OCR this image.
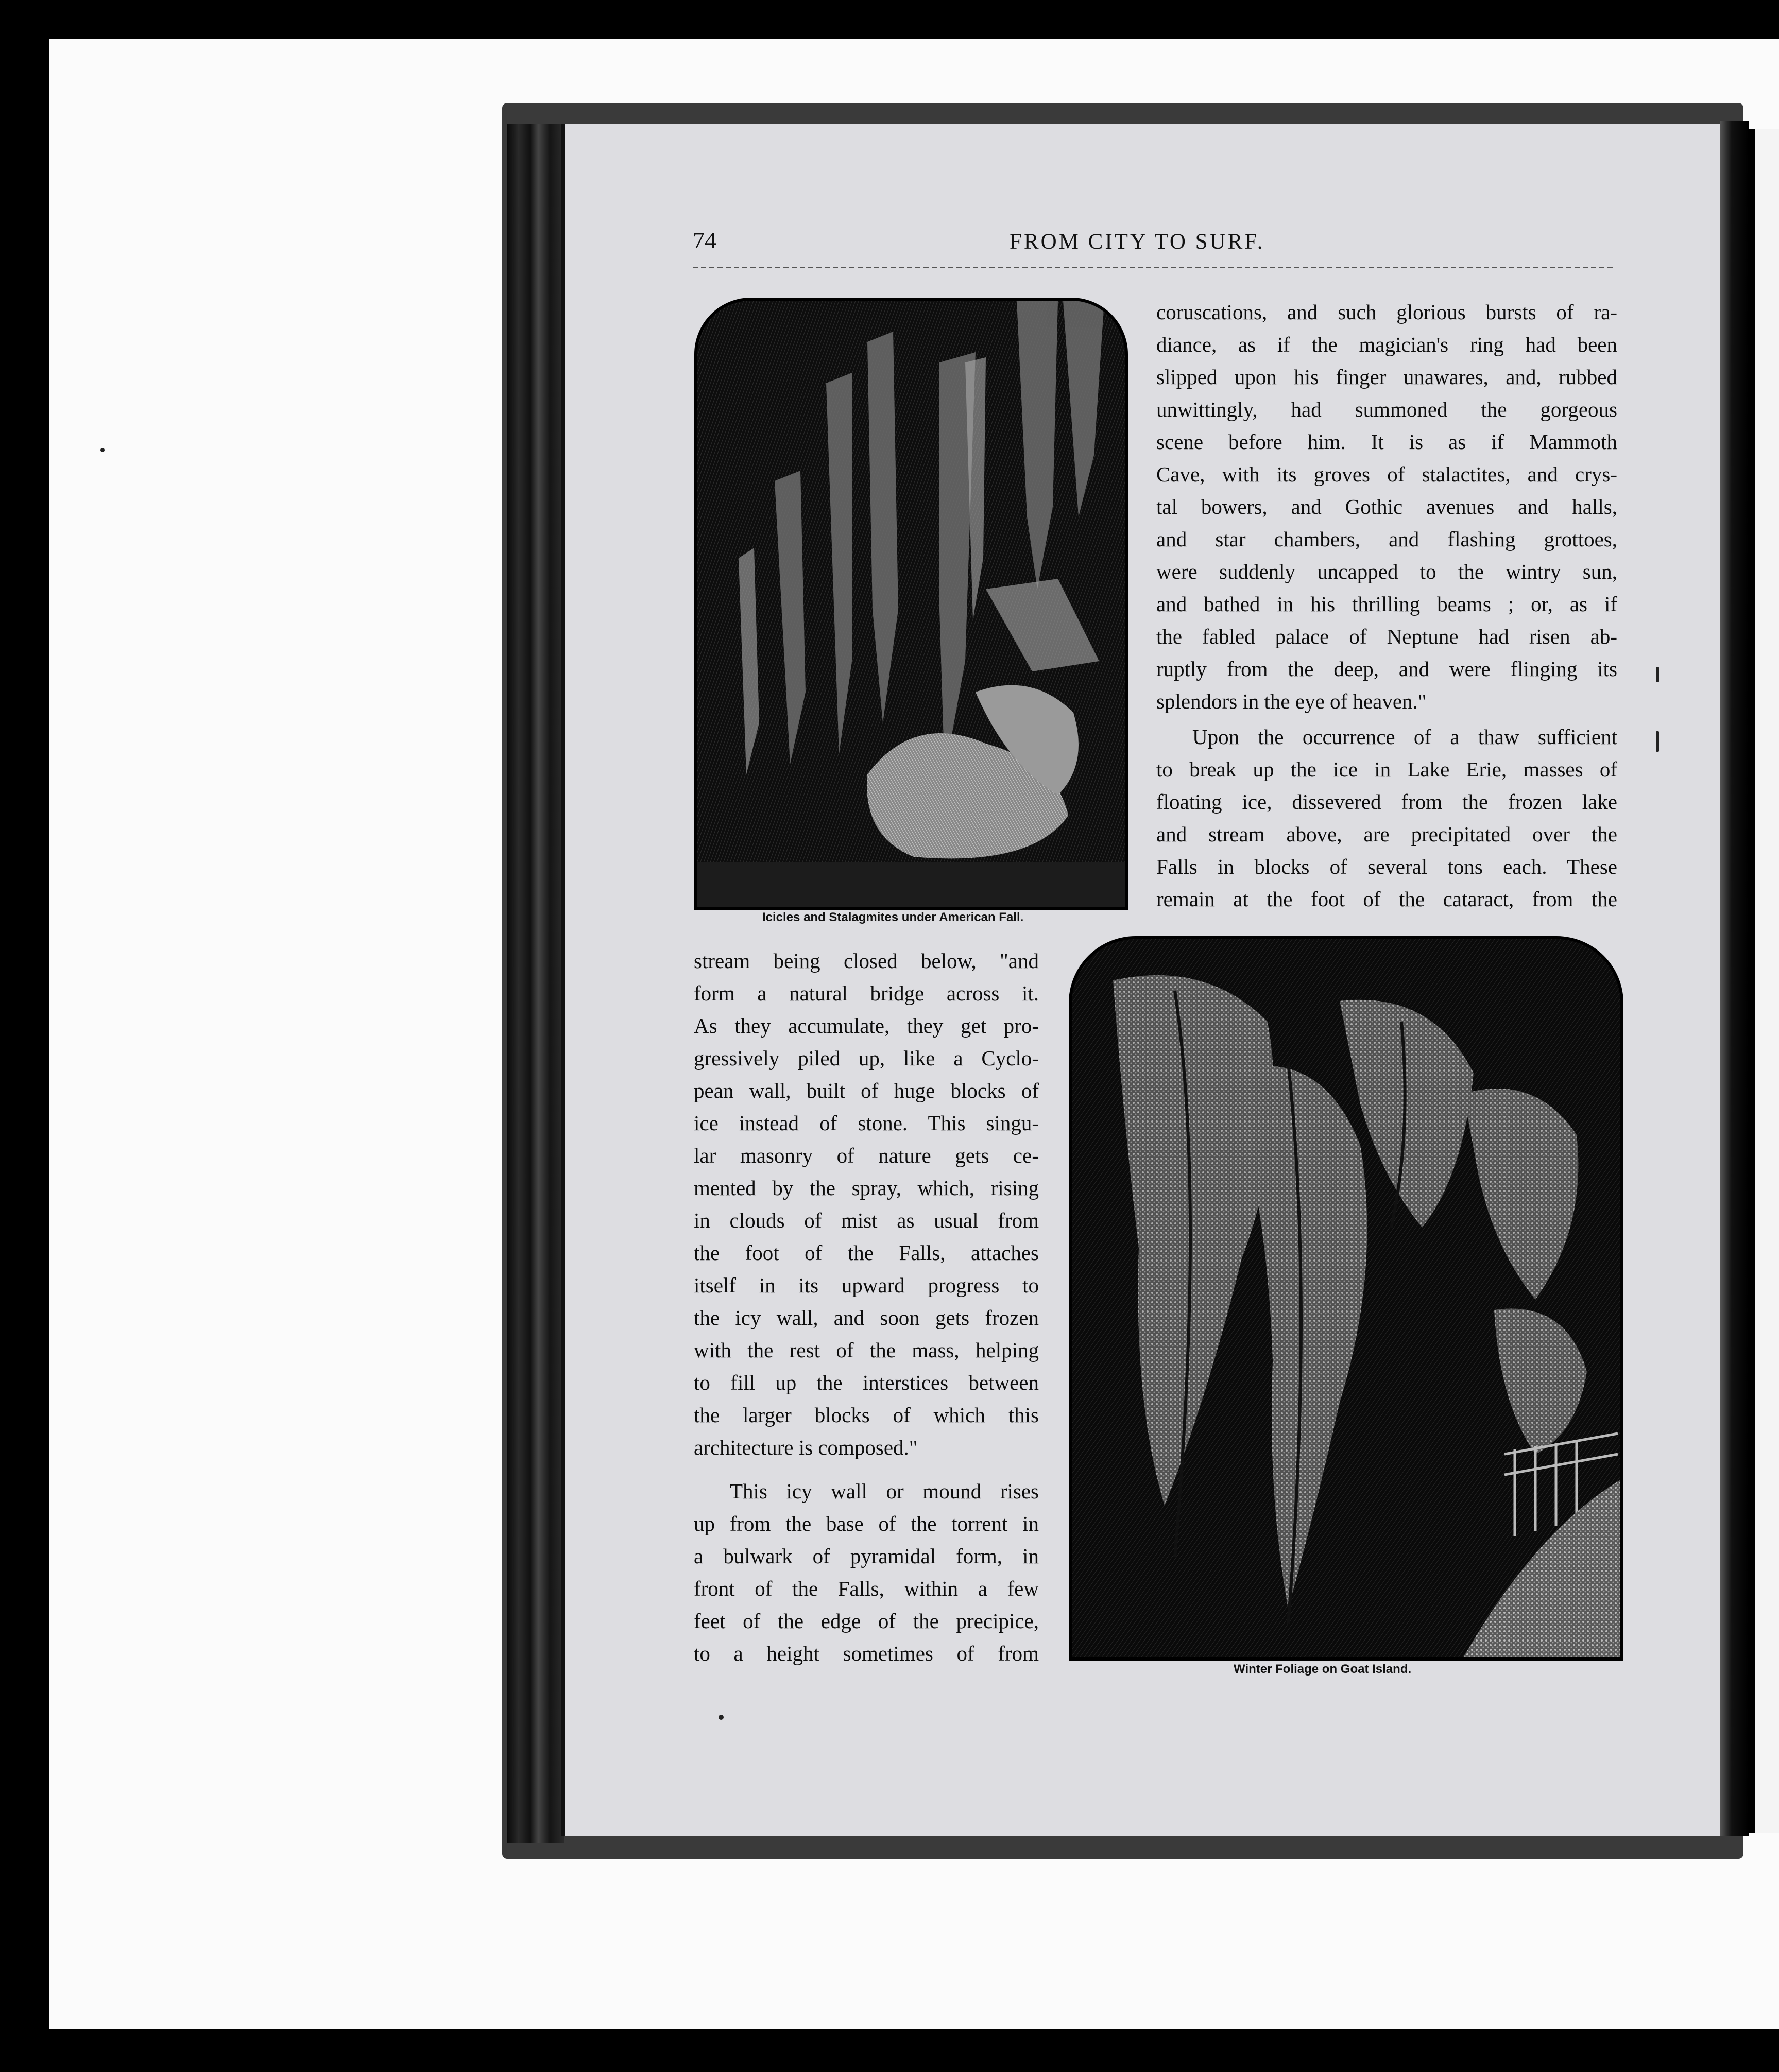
74	FROM CITY TO SURF.
Icicles and Stalagmites under American Fall.
coruscations, and such glorious bursts of ra-
diance, as if the magician's ring had been
slipped upon his finger unawares, and, rubbed
unwittingly, had summoned the gorgeous
scene before him. It is as if Mammoth
Cave, with its groves of stalactites, and crys-
tal bowers, and Gothic avenues and halls,
and star chambers, and flashing grottoes,
were suddenly uncapped to the wintry sun,
and bathed in his thrilling beams ; or, as if
the fabled palace of Neptune had risen ab-
ruptly from the deep, and were flinging its
splendors in the eye of heaven."
Upon the occurrence of a thaw sufficient
to break up the ice in Lake Erie, masses of
floating ice, dissevered from the frozen lake
and stream above, are precipitated over the
Falls in blocks of several tons each. These
remain at the foot of the cataract, from the
Winter Foliage on Goat Island.
stream being closed below, "and
form a natural bridge across it.
As they accumulate, they get pro-
gressively piled up, like a Cyclo-
pean wall, built of huge blocks of
ice instead of stone. This singu-
lar masonry of nature gets ce-
mented by the spray, which, rising
in clouds of mist as usual from
the foot of the Falls, attaches
itself in its upward progress to
the icy wall, and soon gets frozen
with the rest of the mass, helping
to fill up the interstices between
the larger blocks of which this
architecture is composed."
This icy wall or mound rises
up from the base of the torrent in
a bulwark of pyramidal form, in
front of the Falls, within a few
feet of the edge of the precipice,
to a height sometimes of from
